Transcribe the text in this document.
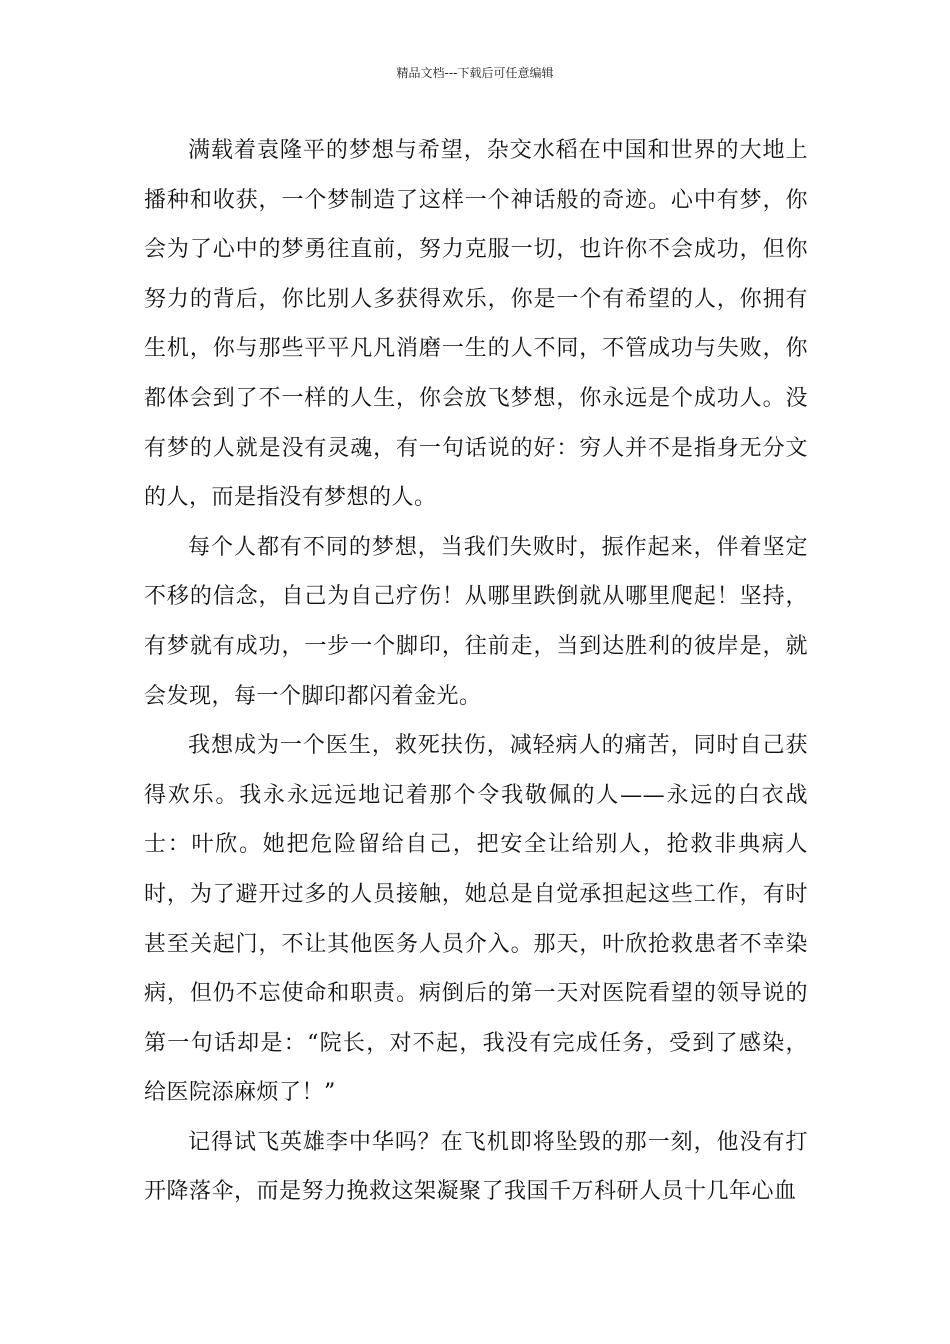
精品文档---下载后可任意编辑

满载着袁隆平的梦想与希望，杂交水稻在中国和世界的大地上播种和收获，一个梦制造了这样一个神话般的奇迹。心中有梦，你会为了心中的梦勇往直前，努力克服一切，也许你不会成功，但你努力的背后，你比别人多获得欢乐，你是一个有希望的人，你拥有生机，你与那些平平凡凡消磨一生的人不同，不管成功与失败，你都体会到了不一样的人生，你会放飞梦想，你永远是个成功人。没有梦的人就是没有灵魂，有一句话说的好：穷人并不是指身无分文的人，而是指没有梦想的人。

每个人都有不同的梦想，当我们失败时，振作起来，伴着坚定不移的信念，自己为自己疗伤！从哪里跌倒就从哪里爬起！坚持，有梦就有成功，一步一个脚印，往前走，当到达胜利的彼岸是，就会发现，每一个脚印都闪着金光。

我想成为一个医生，救死扶伤，减轻病人的痛苦，同时自己获得欢乐。我永永远远地记着那个令我敬佩的人——永远的白衣战士：叶欣。她把危险留给自己，把安全让给别人，抢救非典病人时，为了避开过多的人员接触，她总是自觉承担起这些工作，有时甚至关起门，不让其他医务人员介入。那天，叶欣抢救患者不幸染病，但仍不忘使命和职责。病倒后的第一天对医院看望的领导说的第一句话却是：“院长，对不起，我没有完成任务，受到了感染，给医院添麻烦了！”

记得试飞英雄李中华吗？在飞机即将坠毁的那一刻，他没有打开降落伞，而是努力挽救这架凝聚了我国千万科研人员十几年心血
